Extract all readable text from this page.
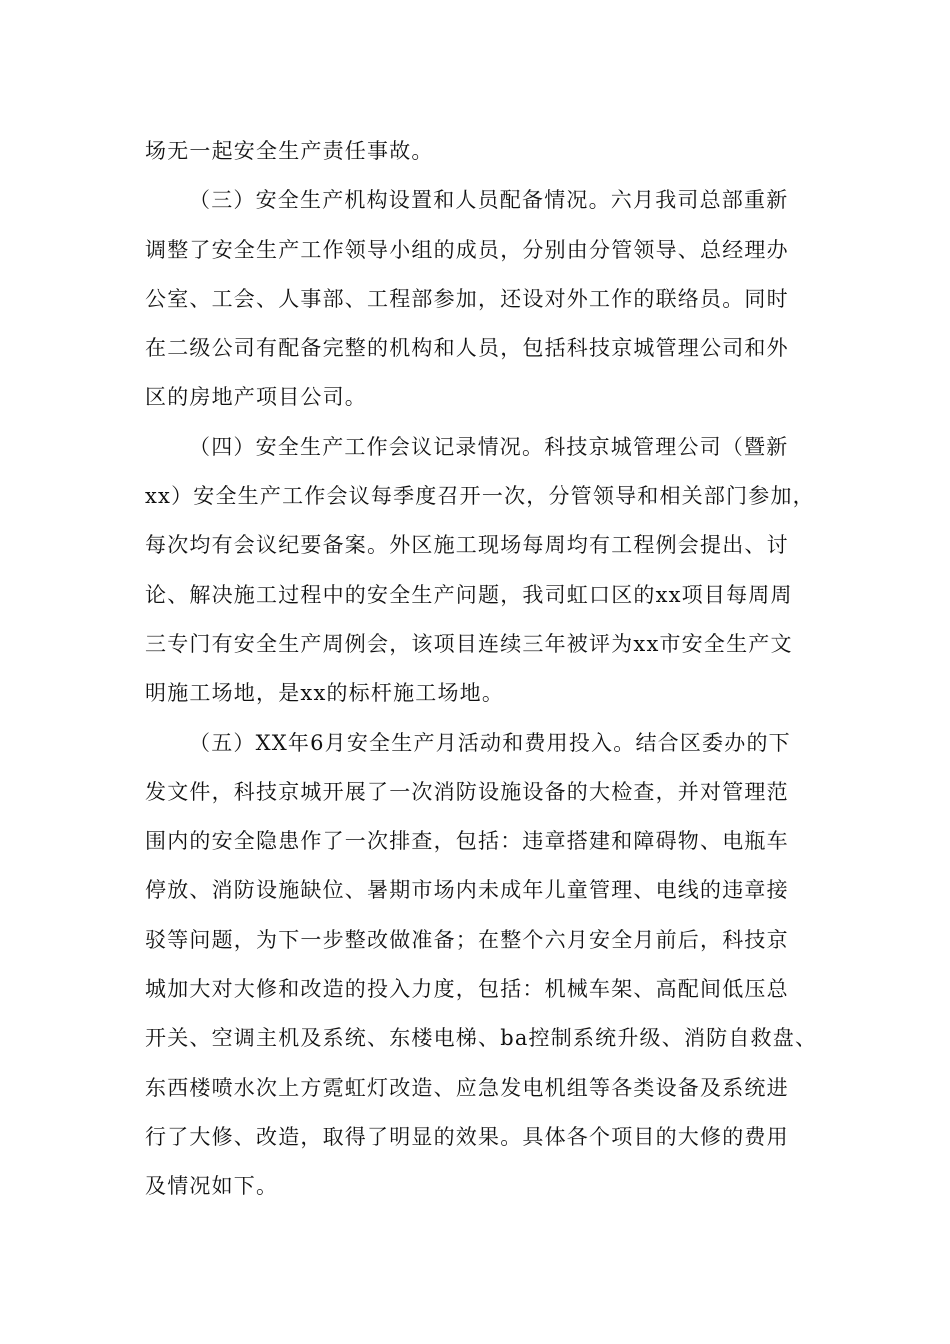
场无一起安全生产责任事故。
（三）安全生产机构设置和人员配备情况。六月我司总部重新
调整了安全生产工作领导小组的成员，分别由分管领导、总经理办
公室、工会、人事部、工程部参加，还设对外工作的联络员。同时
在二级公司有配备完整的机构和人员，包括科技京城管理公司和外
区的房地产项目公司。
（四）安全生产工作会议记录情况。科技京城管理公司（暨新
xx）安全生产工作会议每季度召开一次，分管领导和相关部门参加，
每次均有会议纪要备案。外区施工现场每周均有工程例会提出、讨
论、解决施工过程中的安全生产问题，我司虹口区的xx项目每周周
三专门有安全生产周例会，该项目连续三年被评为xx市安全生产文
明施工场地，是xx的标杆施工场地。
（五）XX年6月安全生产月活动和费用投入。结合区委办的下
发文件，科技京城开展了一次消防设施设备的大检查，并对管理范
围内的安全隐患作了一次排查，包括：违章搭建和障碍物、电瓶车
停放、消防设施缺位、暑期市场内未成年儿童管理、电线的违章接
驳等问题，为下一步整改做准备；在整个六月安全月前后，科技京
城加大对大修和改造的投入力度，包括：机械车架、高配间低压总
开关、空调主机及系统、东楼电梯、ba控制系统升级、消防自救盘、
东西楼喷水次上方霓虹灯改造、应急发电机组等各类设备及系统进
行了大修、改造，取得了明显的效果。具体各个项目的大修的费用
及情况如下。
